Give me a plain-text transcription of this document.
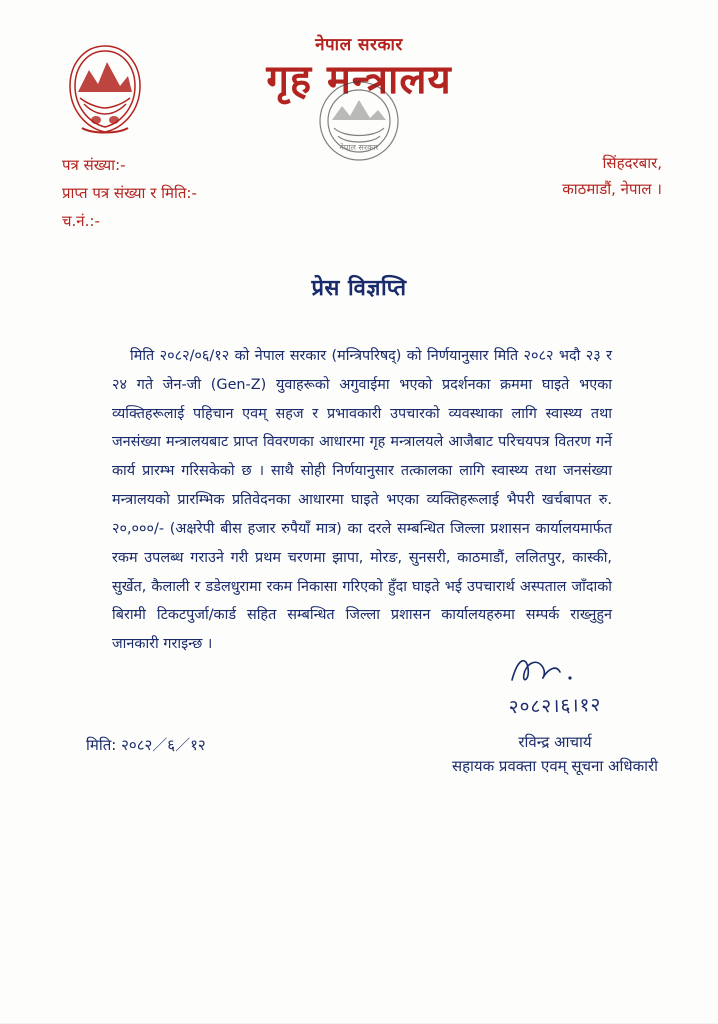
नेपाल सरकार
गृह मन्त्रालय
नेपाल सरकार
पत्र संख्या:-
प्राप्त पत्र संख्या र मिति:-
च.नं.:-
सिंहदरबार,
काठमाडौं, नेपाल ।
प्रेस विज्ञप्ति

मिति २०८२/०६/१२ को नेपाल सरकार (मन्त्रिपरिषद्) को निर्णयानुसार मिति २०८२ भदौ २३ र २४ गते जेन-जी (Gen-Z) युवाहरूको अगुवाईमा भएको प्रदर्शनका क्रममा घाइते भएका व्यक्तिहरूलाई पहिचान एवम् सहज र प्रभावकारी उपचारको व्यवस्थाका लागि स्वास्थ्य तथा जनसंख्या मन्त्रालयबाट प्राप्त विवरणका आधारमा गृह मन्त्रालयले आजैबाट परिचयपत्र वितरण गर्ने कार्य प्रारम्भ गरिसकेको छ । साथै सोही निर्णयानुसार तत्कालका लागि स्वास्थ्य तथा जनसंख्या मन्त्रालयको प्रारम्भिक प्रतिवेदनका आधारमा घाइते भएका व्यक्तिहरूलाई भैपरी खर्चबापत रु. २०,०००/- (अक्षरेपी बीस हजार रुपैयाँ मात्र) का दरले सम्बन्धित जिल्ला प्रशासन कार्यालयमार्फत रकम उपलब्ध गराउने गरी प्रथम चरणमा झापा, मोरङ, सुनसरी, काठमाडौं, ललितपुर, कास्की, सुर्खेत, कैलाली र डडेलधुरामा रकम निकासा गरिएको हुँदा घाइते भई उपचारार्थ अस्पताल जाँदाको बिरामी टिकटपुर्जा/कार्ड सहित सम्बन्धित जिल्ला प्रशासन कार्यालयहरुमा सम्पर्क राख्नुहुन जानकारी गराइन्छ ।

२०८२।६।१२
रविन्द्र आचार्य
सहायक प्रवक्ता एवम् सूचना अधिकारी
मिति: २०८२／६／१२
